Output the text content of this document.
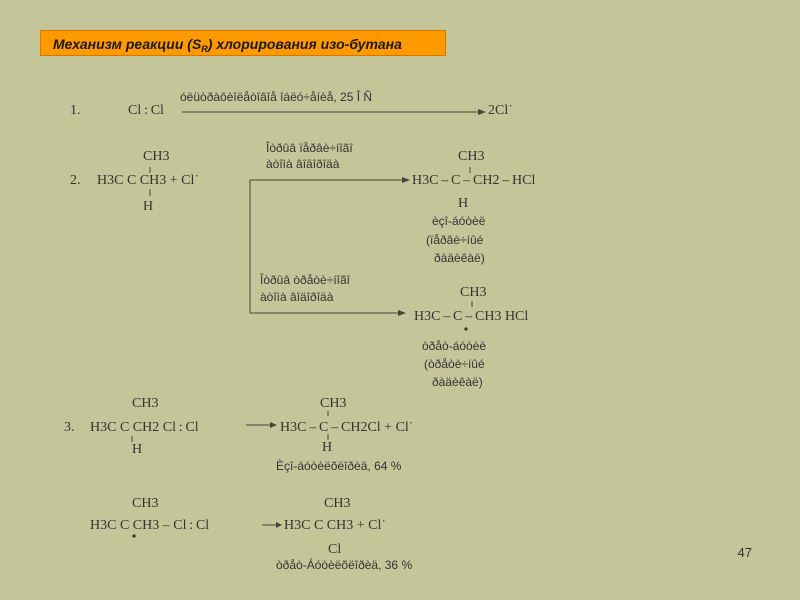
Механизм реакции $(S_R)$ хлорирования изо-бутана
1.	Cl : Cl
óëüòðàôèîëåòîâîå îáëó÷åíèå, 25 Î Ñ
2Cl˙
2.
CH3
H3C C CH3 + Cl˙
H
Îòðûâ ïåðâè÷íîãî
àòîìà âîäîðîäà	CH3
H3C – C – CH2 – HCl
H
èçî-áóòèë
(ïåðâè÷íûé
ðàäèêàë)
Îòðûâ òðåòè÷íîãî
àòîìà âîäîðîäà	CH3
H3C – C – CH3 HCl
òðåò-áóòèë
(òðåòè÷íûé
ðàäèêàë)
3.
CH3
H3C C CH2 Cl : Cl
H
CH3
H3C – C – CH2Cl + Cl˙
H
Èçî-áóòèëõëîðèä, 64 %
CH3
H3C C CH3 – Cl : Cl
CH3
H3C C CH3 + Cl˙
Cl
òðåò-Áóòèëõëîðèä, 36 %
47
